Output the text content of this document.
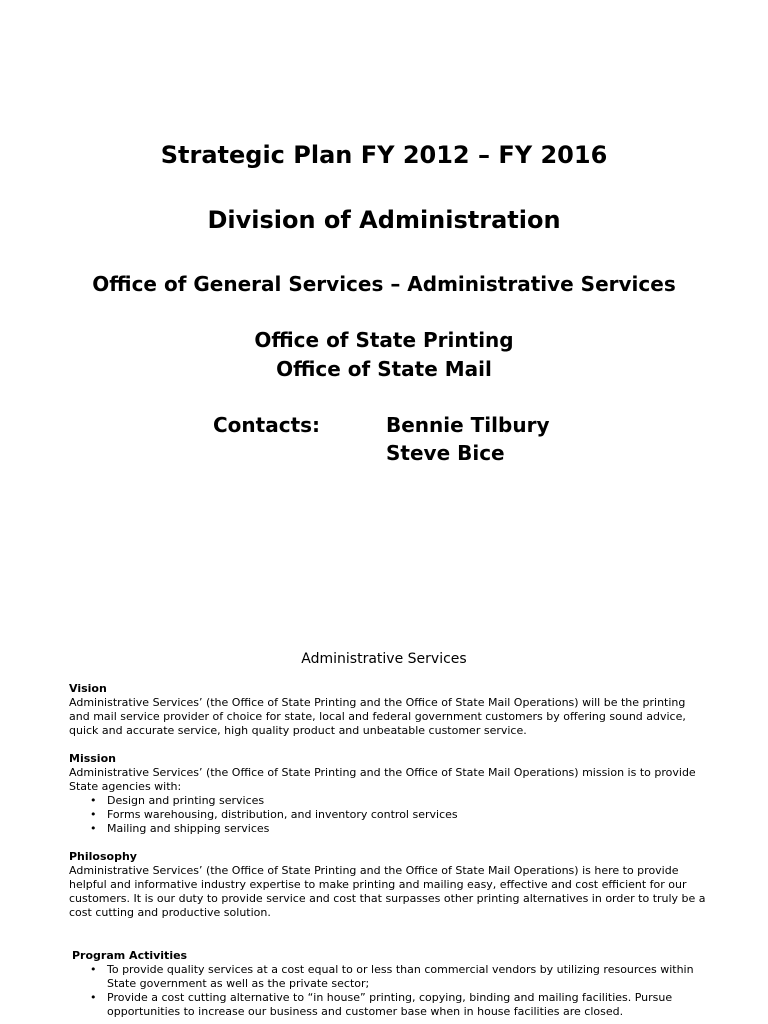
Strategic Plan FY 2012 – FY 2016
Division of Administration
Office of General Services – Administrative Services
Office of State Printing
Office of State Mail
Contacts:	Bennie Tilbury
Steve Bice
Administrative Services
Vision
Administrative Services’ (the Office of State Printing and the Office of State Mail Operations) will be the printing and mail service provider of choice for state, local and federal government customers by offering sound advice, quick and accurate service, high quality product and unbeatable customer service.
Mission
Administrative Services’ (the Office of State Printing and the Office of State Mail Operations) mission is to provide State agencies with:
• Design and printing services
• Forms warehousing, distribution, and inventory control services
• Mailing and shipping services
Philosophy
Administrative Services’ (the Office of State Printing and the Office of State Mail Operations) is here to provide helpful and informative industry expertise to make printing and mailing easy, effective and cost efficient for our customers. It is our duty to provide service and cost that surpasses other printing alternatives in order to truly be a cost cutting and productive solution.
Program Activities
• To provide quality services at a cost equal to or less than commercial vendors by utilizing resources within State government as well as the private sector;
• Provide a cost cutting alternative to “in house” printing, copying, binding and mailing facilities. Pursue opportunities to increase our business and customer base when in house facilities are closed.
